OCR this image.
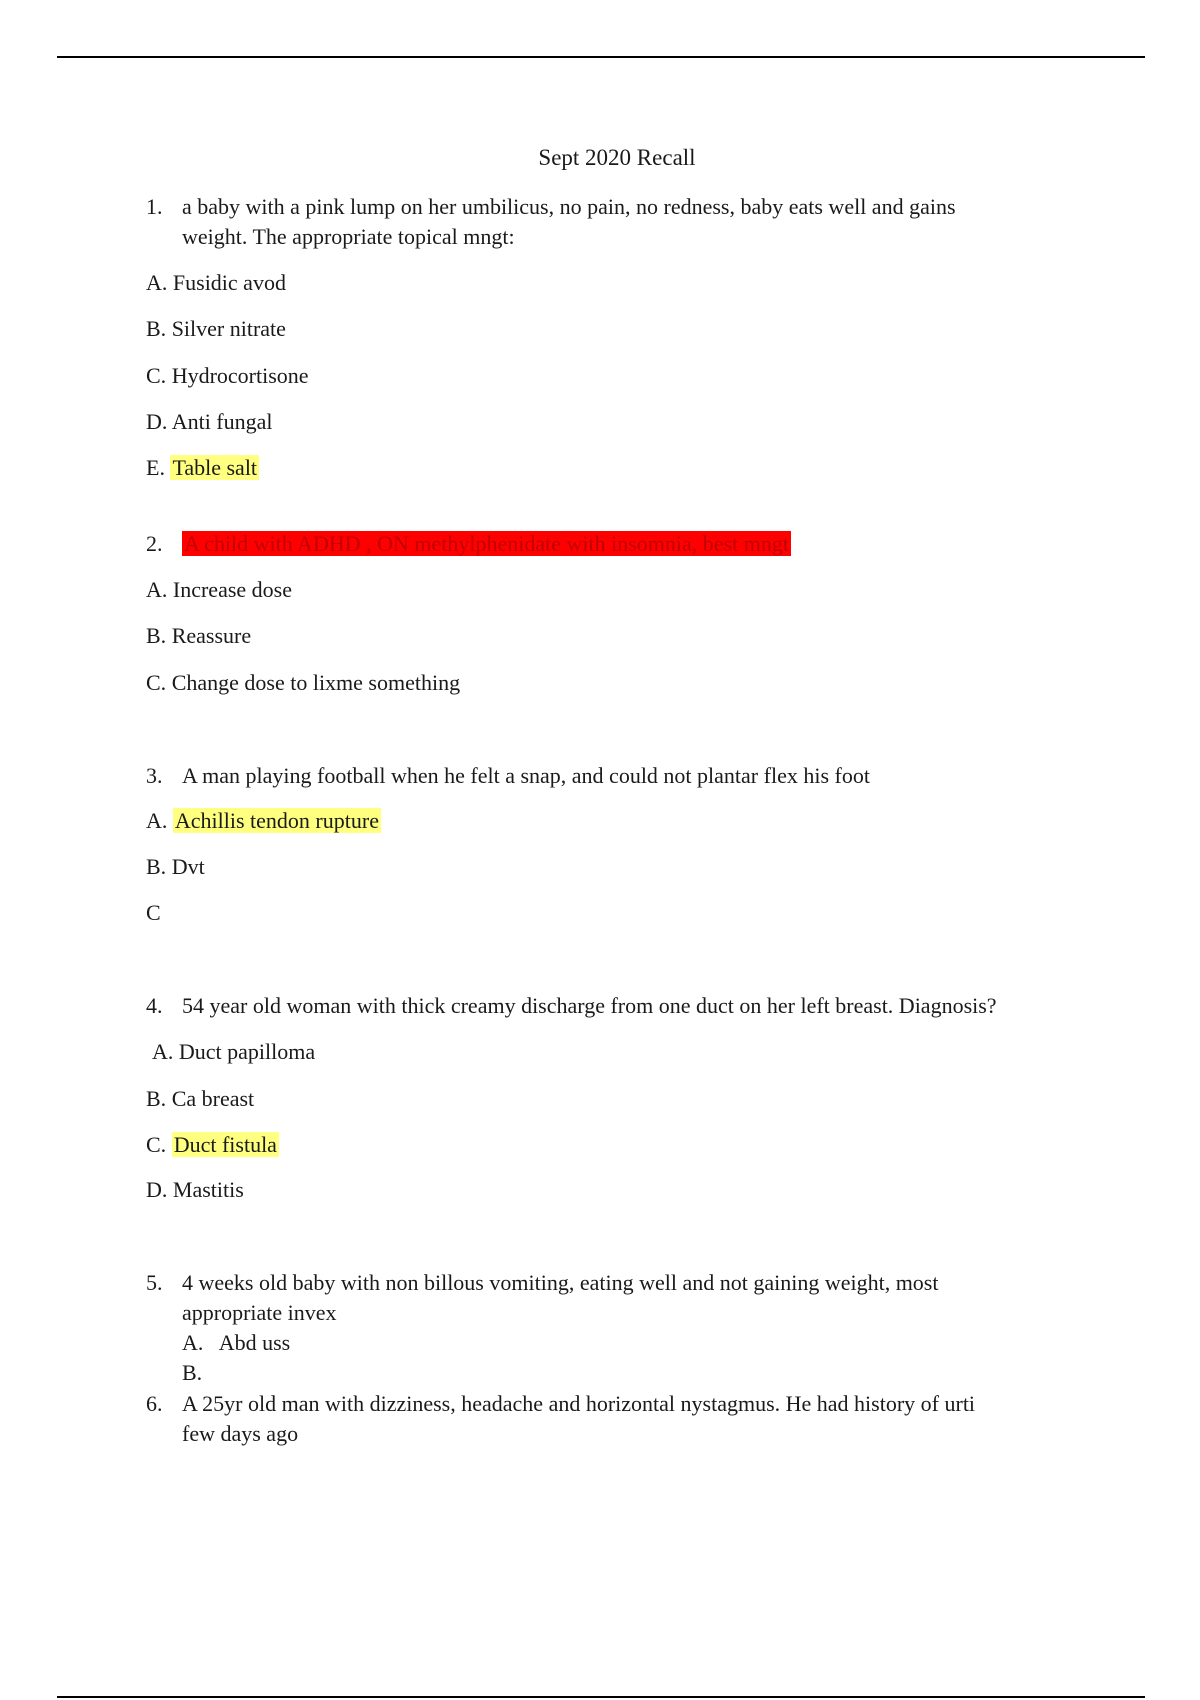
Sept 2020 Recall
1. a baby with a pink lump on her umbilicus, no pain, no redness, baby eats well and gains
weight. The appropriate topical mngt:
A. Fusidic avod
B. Silver nitrate
C. Hydrocortisone
D. Anti fungal
E. Table salt
2. A child with ADHD , ON methylphenidate with insomnia, best mngt
A. Increase dose
B. Reassure
C. Change dose to lixme something
3. A man playing football when he felt a snap, and could not plantar flex his foot
A. Achillis tendon rupture
B. Dvt
C
4. 54 year old woman with thick creamy discharge from one duct on her left breast. Diagnosis?
A. Duct papilloma
B. Ca breast
C. Duct fistula
D. Mastitis
5. 4 weeks old baby with non billous vomiting, eating well and not gaining weight, most
appropriate invex
A. Abd uss
B.
6. A 25yr old man with dizziness, headache and horizontal nystagmus. He had history of urti
few days ago
